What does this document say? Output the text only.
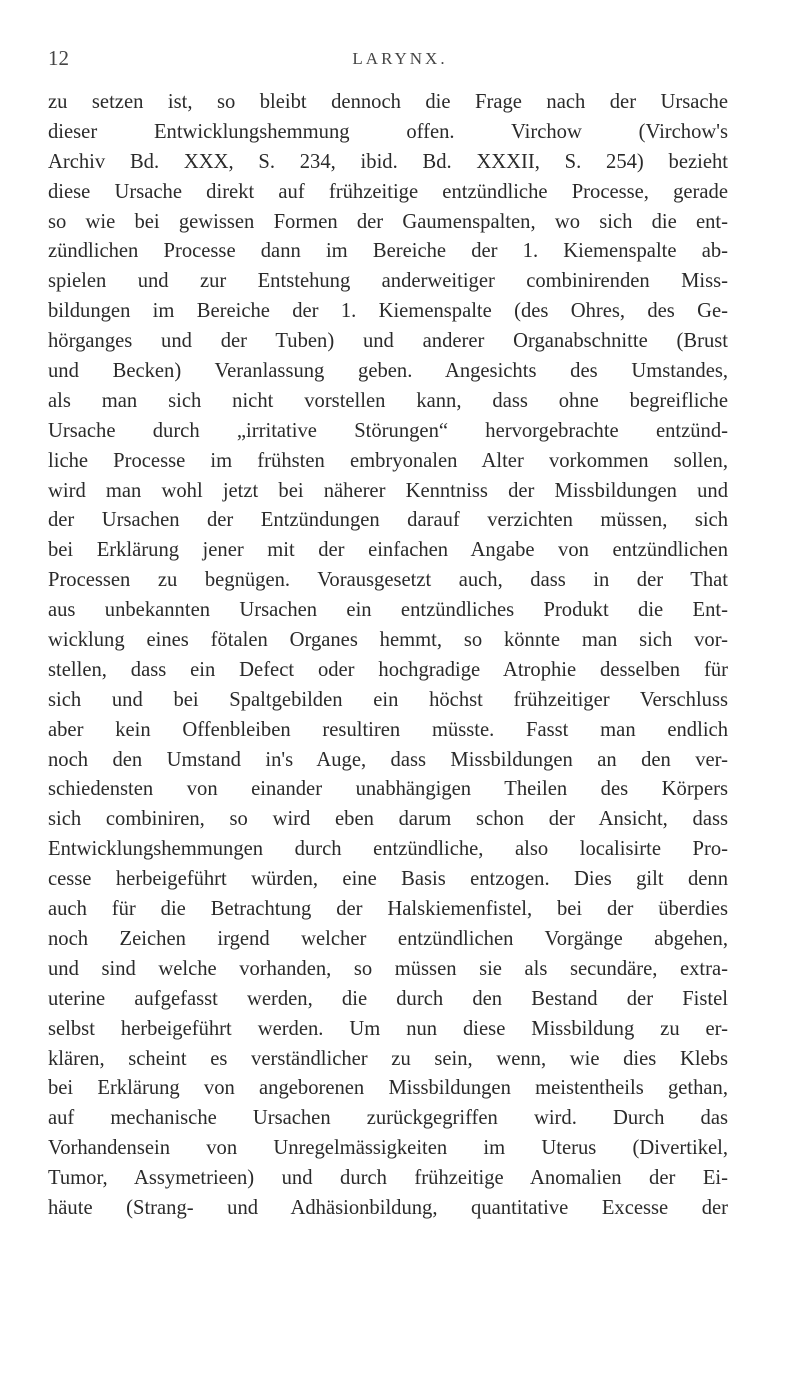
12	LARYNX.
zu setzen ist, so bleibt dennoch die Frage nach der Ursache
dieser Entwicklungshemmung offen. Virchow (Virchow's
Archiv Bd. XXX, S. 234, ibid. Bd. XXXII, S. 254) bezieht
diese Ursache direkt auf frühzeitige entzündliche Processe, gerade
so wie bei gewissen Formen der Gaumenspalten, wo sich die ent-
zündlichen Processe dann im Bereiche der 1. Kiemenspalte ab-
spielen und zur Entstehung anderweitiger combinirenden Miss-
bildungen im Bereiche der 1. Kiemenspalte (des Ohres, des Ge-
hörganges und der Tuben) und anderer Organabschnitte (Brust
und Becken) Veranlassung geben. Angesichts des Umstandes,
als man sich nicht vorstellen kann, dass ohne begreifliche
Ursache durch „irritative Störungen“ hervorgebrachte entzünd-
liche Processe im frühsten embryonalen Alter vorkommen sollen,
wird man wohl jetzt bei näherer Kenntniss der Missbildungen und
der Ursachen der Entzündungen darauf verzichten müssen, sich
bei Erklärung jener mit der einfachen Angabe von entzündlichen
Processen zu begnügen. Vorausgesetzt auch, dass in der That
aus unbekannten Ursachen ein entzündliches Produkt die Ent-
wicklung eines fötalen Organes hemmt, so könnte man sich vor-
stellen, dass ein Defect oder hochgradige Atrophie desselben für
sich und bei Spaltgebilden ein höchst frühzeitiger Verschluss
aber kein Offenbleiben resultiren müsste. Fasst man endlich
noch den Umstand in's Auge, dass Missbildungen an den ver-
schiedensten von einander unabhängigen Theilen des Körpers
sich combiniren, so wird eben darum schon der Ansicht, dass
Entwicklungshemmungen durch entzündliche, also localisirte Pro-
cesse herbeigeführt würden, eine Basis entzogen. Dies gilt denn
auch für die Betrachtung der Halskiemenfistel, bei der überdies
noch Zeichen irgend welcher entzündlichen Vorgänge abgehen,
und sind welche vorhanden, so müssen sie als secundäre, extra-
uterine aufgefasst werden, die durch den Bestand der Fistel
selbst herbeigeführt werden. Um nun diese Missbildung zu er-
klären, scheint es verständlicher zu sein, wenn, wie dies Klebs
bei Erklärung von angeborenen Missbildungen meistentheils gethan,
auf mechanische Ursachen zurückgegriffen wird. Durch das
Vorhandensein von Unregelmässigkeiten im Uterus (Divertikel,
Tumor, Assymetrieen) und durch frühzeitige Anomalien der Ei-
häute (Strang- und Adhäsionbildung, quantitative Excesse der
